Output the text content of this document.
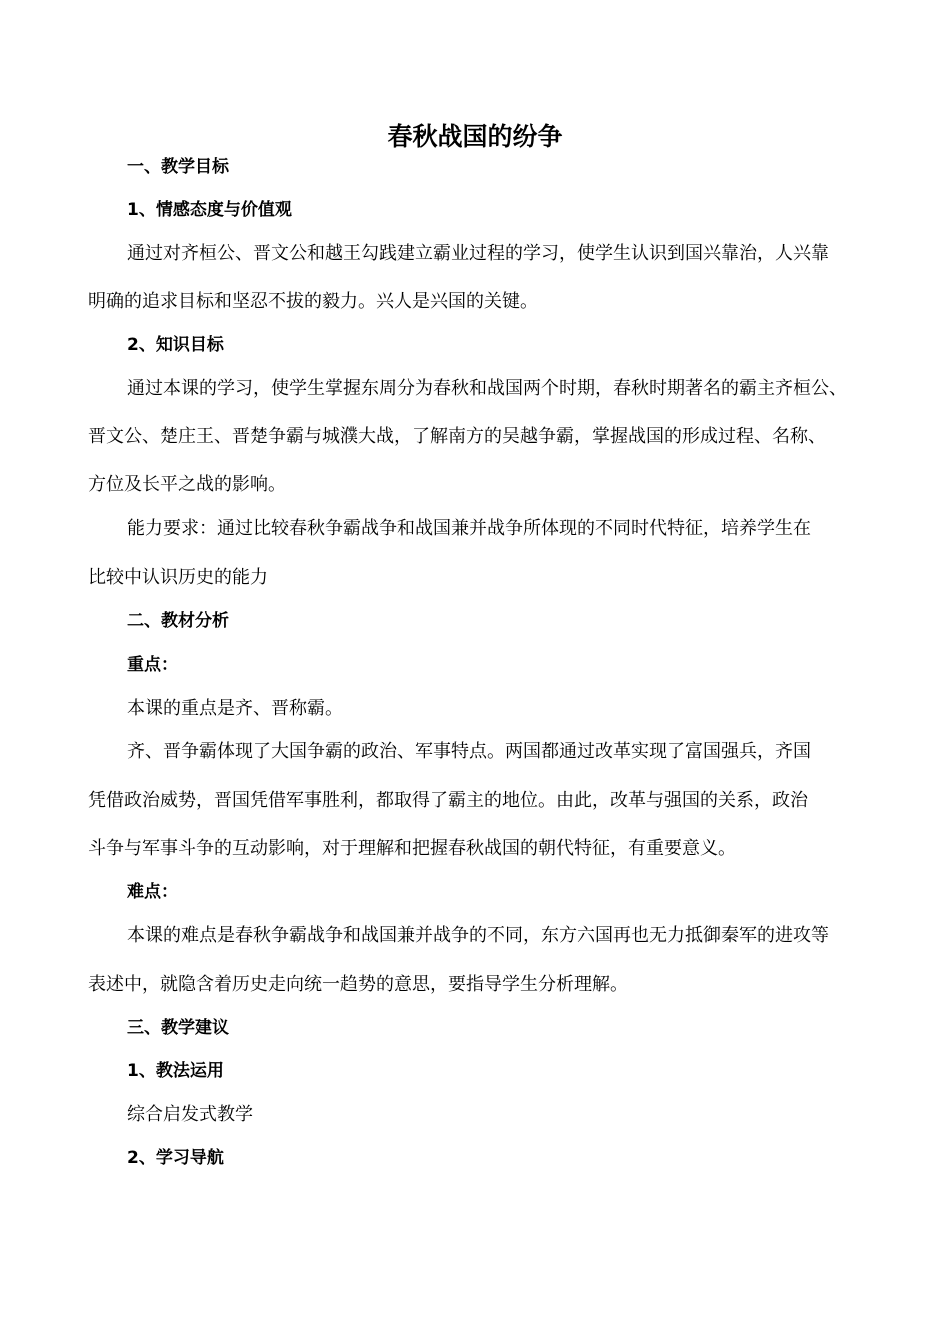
春秋战国的纷争
一、教学目标
1、情感态度与价值观
通过对齐桓公、晋文公和越王勾践建立霸业过程的学习，使学生认识到国兴靠治，人兴靠
明确的追求目标和坚忍不拔的毅力。兴人是兴国的关键。
2、知识目标
通过本课的学习，使学生掌握东周分为春秋和战国两个时期，春秋时期著名的霸主齐桓公、
晋文公、楚庄王、晋楚争霸与城濮大战，了解南方的吴越争霸，掌握战国的形成过程、名称、
方位及长平之战的影响。
能力要求：通过比较春秋争霸战争和战国兼并战争所体现的不同时代特征，培养学生在
比较中认识历史的能力
二、教材分析
重点：
本课的重点是齐、晋称霸。
齐、晋争霸体现了大国争霸的政治、军事特点。两国都通过改革实现了富国强兵，齐国
凭借政治威势，晋国凭借军事胜利，都取得了霸主的地位。由此，改革与强国的关系，政治
斗争与军事斗争的互动影响，对于理解和把握春秋战国的朝代特征，有重要意义。
难点：
本课的难点是春秋争霸战争和战国兼并战争的不同，东方六国再也无力抵御秦军的进攻等
表述中，就隐含着历史走向统一趋势的意思，要指导学生分析理解。
三、教学建议
1、教法运用
综合启发式教学
2、学习导航
